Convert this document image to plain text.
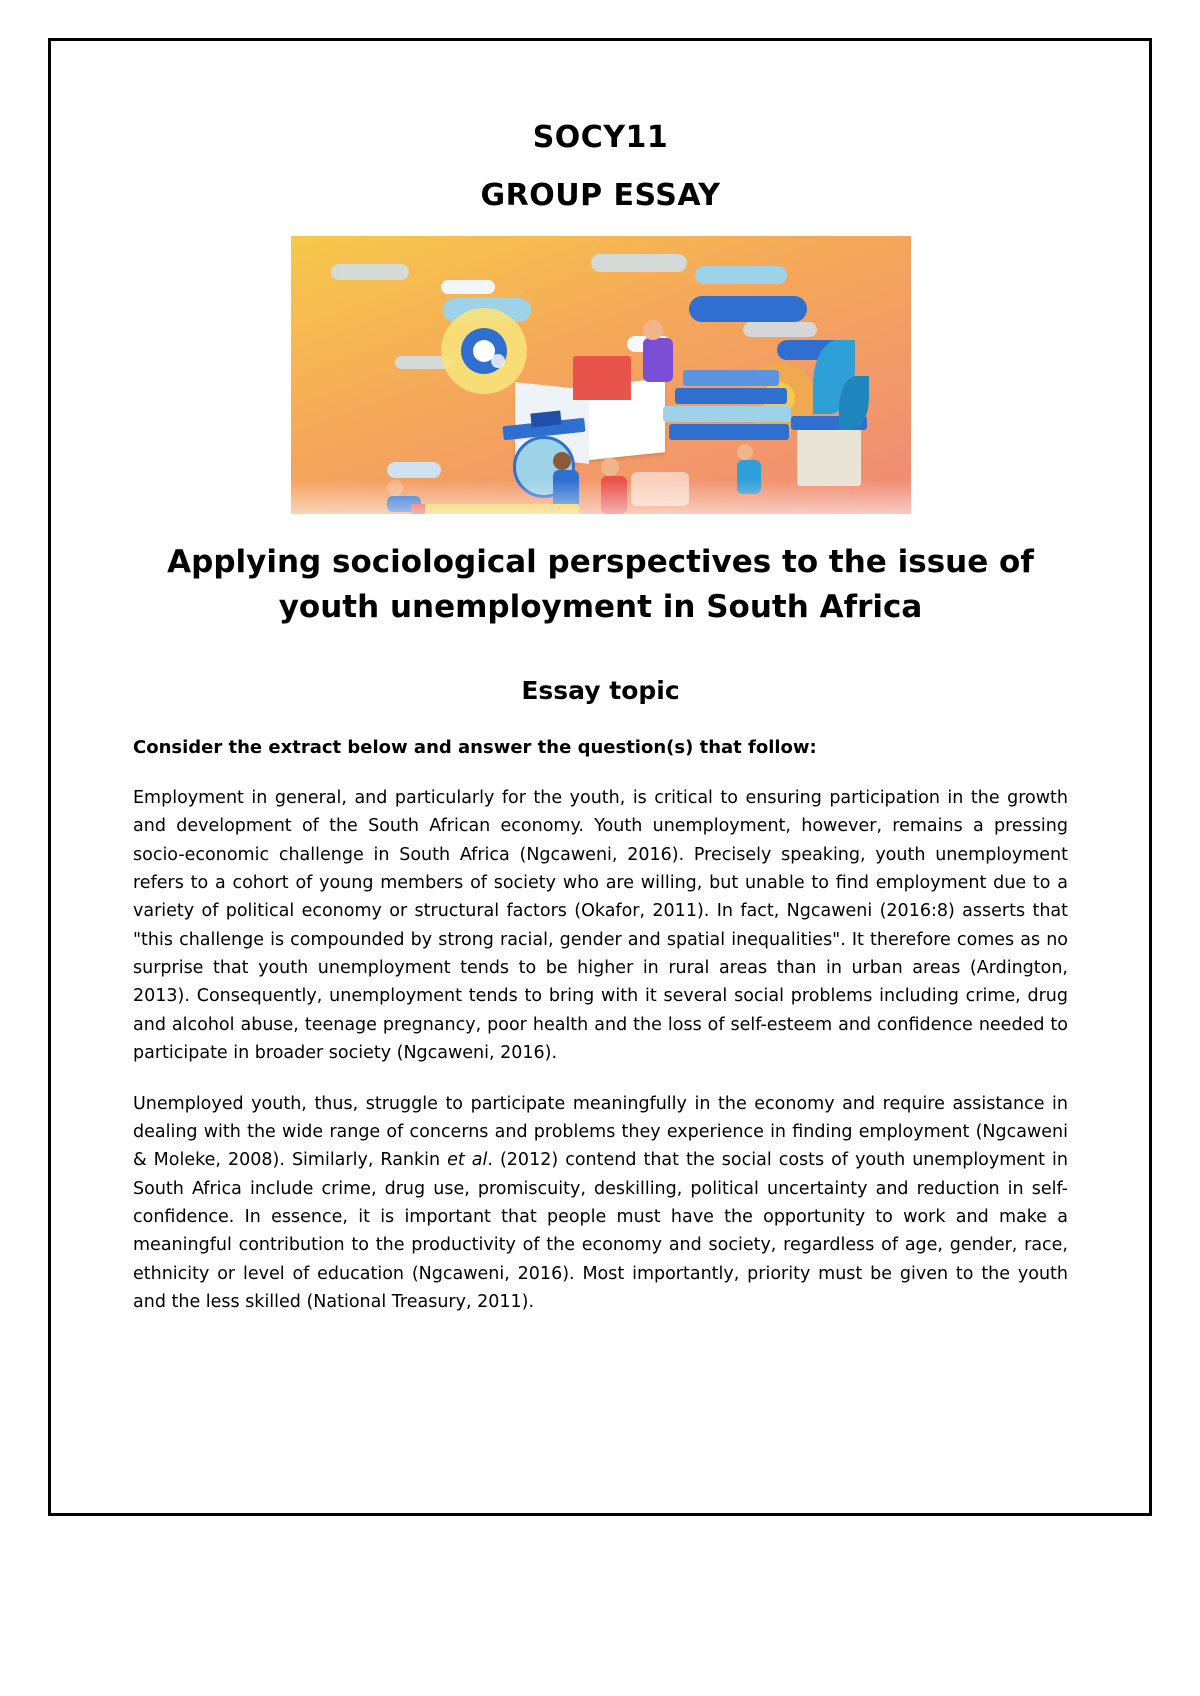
SOCY11
GROUP ESSAY
Applying sociological perspectives to the issue of youth unemployment in South Africa
Essay topic
Consider the extract below and answer the question(s) that follow:

Employment in general, and particularly for the youth, is critical to ensuring participation in the growth and development of the South African economy. Youth unemployment, however, remains a pressing socio-economic challenge in South Africa (Ngcaweni, 2016). Precisely speaking, youth unemployment refers to a cohort of young members of society who are willing, but unable to find employment due to a variety of political economy or structural factors (Okafor, 2011). In fact, Ngcaweni (2016:8) asserts that "this challenge is compounded by strong racial, gender and spatial inequalities". It therefore comes as no surprise that youth unemployment tends to be higher in rural areas than in urban areas (Ardington, 2013). Consequently, unemployment tends to bring with it several social problems including crime, drug and alcohol abuse, teenage pregnancy, poor health and the loss of self-esteem and confidence needed to participate in broader society (Ngcaweni, 2016).

Unemployed youth, thus, struggle to participate meaningfully in the economy and require assistance in dealing with the wide range of concerns and problems they experience in finding employment (Ngcaweni & Moleke, 2008). Similarly, Rankin et al. (2012) contend that the social costs of youth unemployment in South Africa include crime, drug use, promiscuity, deskilling, political uncertainty and reduction in self-confidence. In essence, it is important that people must have the opportunity to work and make a meaningful contribution to the productivity of the economy and society, regardless of age, gender, race, ethnicity or level of education (Ngcaweni, 2016). Most importantly, priority must be given to the youth and the less skilled (National Treasury, 2011).
